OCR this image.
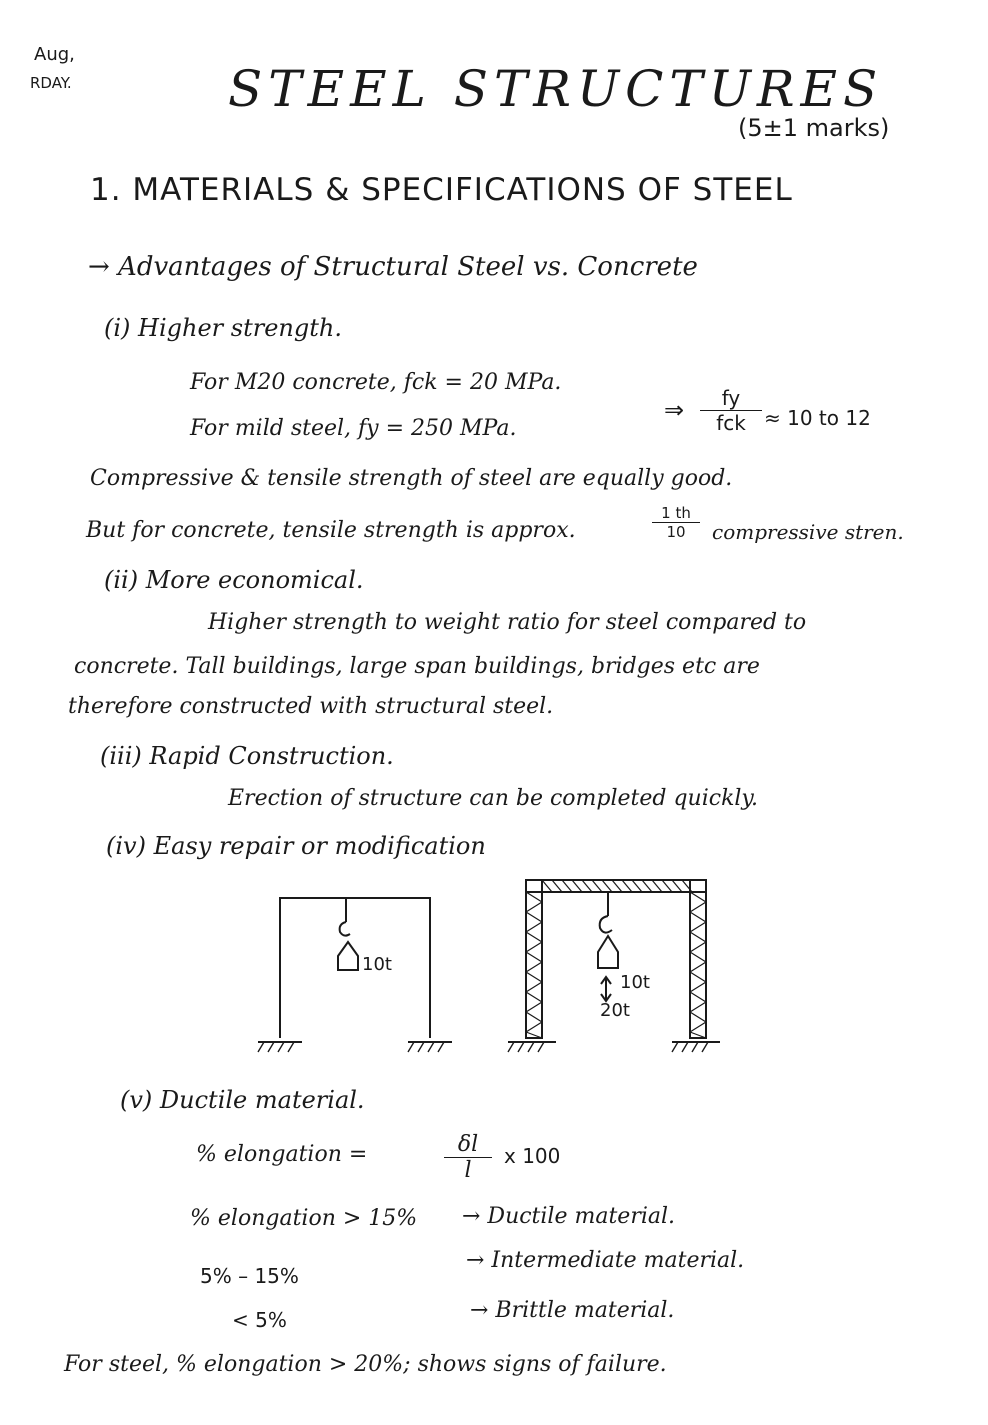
Aug,
RDAY.	STEEL STRUCTURES
(5±1 marks)
1. MATERIALS & SPECIFICATIONS OF STEEL
→ Advantages of Structural Steel vs. Concrete
(i) Higher strength.
For M20 concrete, fck = 20 MPa.
For mild steel, fy = 250 MPa.
⇒	fy
fck ≈ 10 to 12
Compressive & tensile strength of steel are equally good.
But for concrete, tensile strength is approx.	$\frac{1 th}{10}$ compressive stren.
(ii) More economical.
Higher strength to weight ratio for steel compared to
concrete. Tall buildings, large span buildings, bridges etc are
therefore constructed with structural steel.
(iii) Rapid Construction.
Erection of structure can be completed quickly.
(iv) Easy repair or modification
10t
10t
20t
(v) Ductile material.
% elongation =	$\frac{\delta l}{l}$ x 100
% elongation > 15% → Ductile material.
5% – 15%
→ Intermediate material.
< 5%	→ Brittle material.
For steel, % elongation > 20%; shows signs of failure.
